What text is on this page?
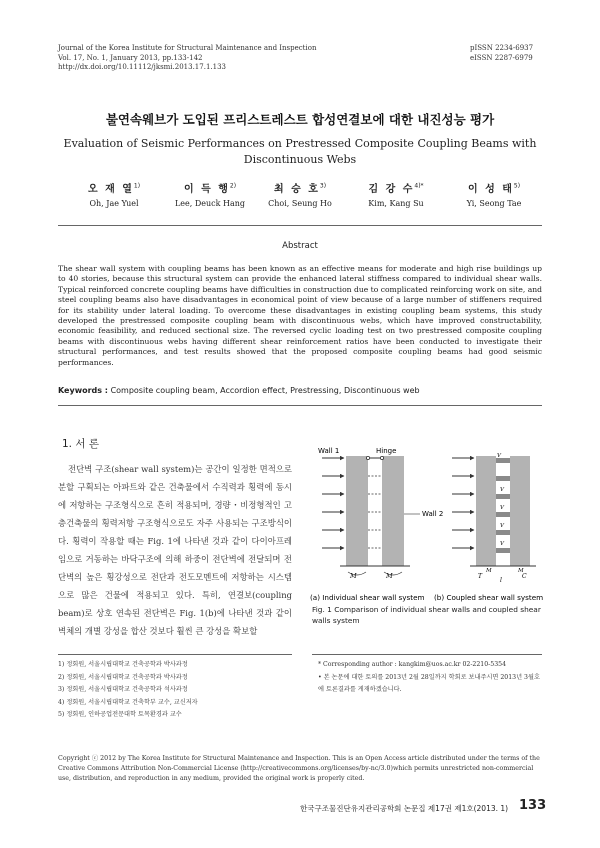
Journal of the Korea Institute for Structural Maintenance and Inspection
Vol. 17, No. 1, January 2013, pp.133-142
http://dx.doi.org/10.11112/jksmi.2013.17.1.133
pISSN 2234-6937
eISSN 2287-6979
불연속웨브가 도입된 프리스트레스트 합성연결보에 대한 내진성능 평가
Evaluation of Seismic Performances on Prestressed Composite Coupling Beams with Discontinuous Webs
오 재 열$^{1)}$
Oh, Jae Yuel
이 득 행$^{2)}$
Lee, Deuck Hang
최 승 호$^{3)}$
Choi, Seung Ho
김 강 수$^{4)*}$
Kim, Kang Su
이 성 태$^{5)}$
Yi, Seong Tae
Abstract
The shear wall system with coupling beams has been known as an effective means for moderate and high rise buildings up to 40 stories, because this structural system can provide the enhanced lateral stiffness compared to individual shear walls. Typical reinforced concrete coupling beams have difficulties in construction due to complicated reinforcing work on site, and steel coupling beams also have disadvantages in economical point of view because of a large number of stiffeners required for its stability under lateral loading. To overcome these disadvantages in existing coupling beam systems, this study developed the prestressed composite coupling beam with discontinuous webs, which have improved constructability, economic feasibility, and reduced sectional size. The reversed cyclic loading test on two prestressed composite coupling beams with discontinuous webs having different shear reinforcement ratios have been conducted to investigate their structural performances, and test results showed that the proposed composite coupling beams had good seismic performances.
Keywords : Composite coupling beam, Accordion effect, Prestressing, Discontinuous web
1. 서 론

전단벽 구조(shear wall system)는 공간이 일정한 면적으로 분할 구획되는 아파트와 같은 건축물에서 수직력과 횡력에 동시에 저항하는 구조형식으로 흔히 적용되며, 경량・비정형적인 고층건축물의 횡력저항 구조형식으로도 자주 사용되는 구조방식이다. 횡력이 작용할 때는 Fig. 1에 나타낸 것과 같이 다이아프레임으로 거동하는 바닥구조에 의해 하중이 전단벽에 전달되며 전단벽의 높은 횡강성으로 전단과 전도모멘트에 저항하는 시스템으로 많은 건물에 적용되고 있다. 특히, 연결보(coupling beam)로 상호 연속된 전단벽은 Fig. 1(b)에 나타낸 것과 같이 벽체의 개별 강성을 합산 것보다 훨씬 큰 강성을 확보할

Wall 1	Hinge
Wall 2
M	M
V
V
V
V
V
T
l
C
M	M
(a) Individual shear wall system (b) Coupled shear wall system
Fig. 1 Comparison of individual shear walls and coupled shear walls system
1) 정회원, 서울시립대학교 건축공학과 박사과정
2) 정회원, 서울시립대학교 건축공학과 박사과정
3) 정회원, 서울시립대학교 건축공학과 석사과정
4) 정회원, 서울시립대학교 건축학부 교수, 교신저자
5) 정회원, 인하공업전문대학 토목환경과 교수
* Corresponding author : kangkim@uos.ac.kr 02-2210-5354
• 본 논문에 대한 토의를 2013년 2월 28일까지 학회로 보내주시면 2013년 3월호에 토론결과를 게재하겠습니다.
Copyright ⓒ 2012 by The Korea Institute for Structural Maintenance and Inspection. This is an Open Access article distributed under the terms of the Creative Commons Attribution Non-Commercial License (http://creativecommons.org/licenses/by-nc/3.0)which permits unrestricted non-commercial use, distribution, and reproduction in any medium, provided the original work is properly cited.
한국구조물진단유지관리공학회 논문집 제17권 제1호(2013. 1) 133
